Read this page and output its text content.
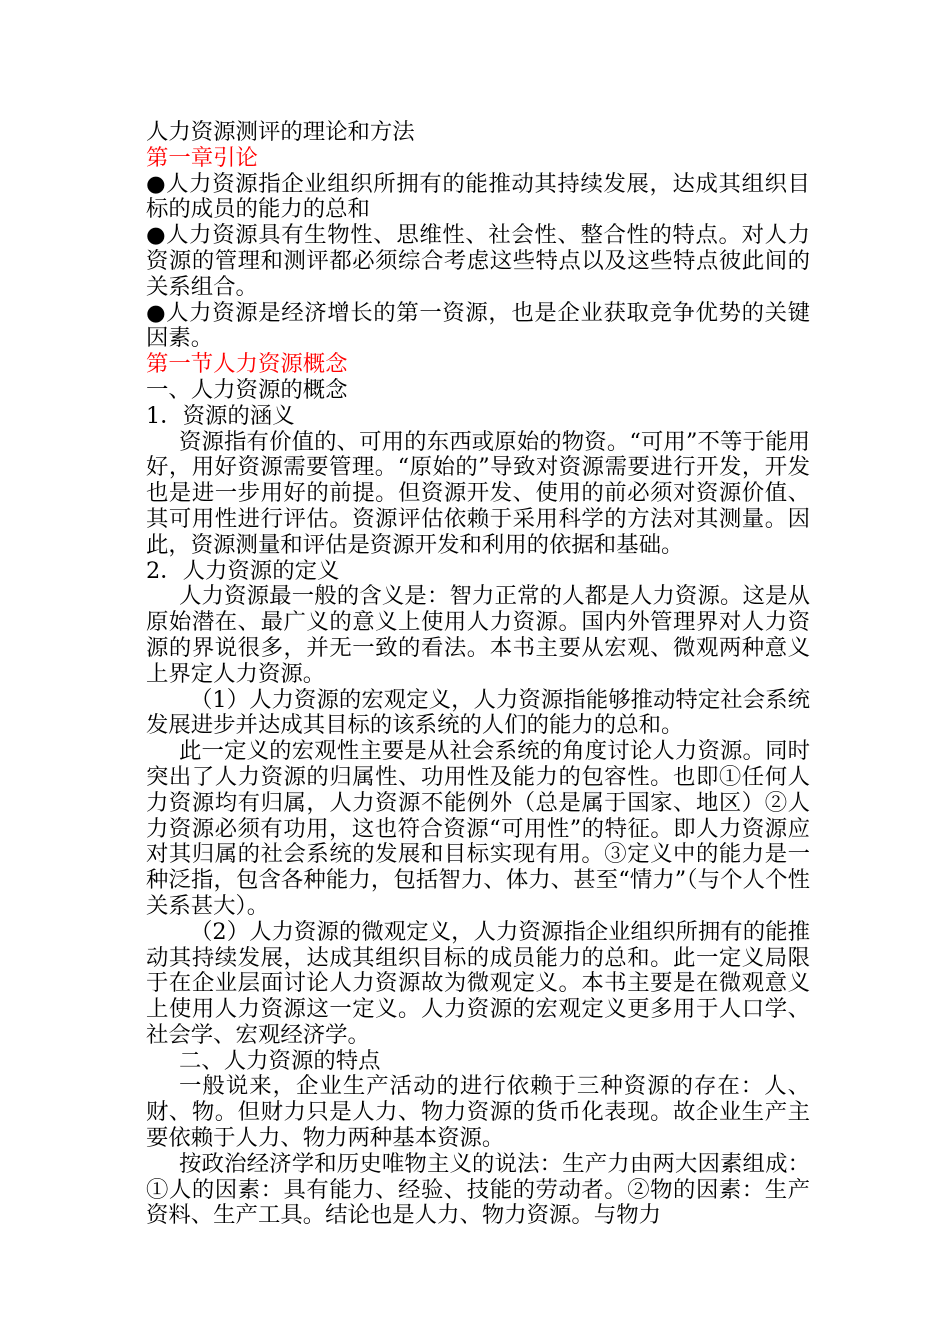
人力资源测评的理论和方法
第一章引论
●人力资源指企业组织所拥有的能推动其持续发展，达成其组织目标的成员的能力的总和
●人力资源具有生物性、思维性、社会性、整合性的特点。对人力资源的管理和测评都必须综合考虑这些特点以及这些特点彼此间的关系组合。
●人力资源是经济增长的第一资源，也是企业获取竞争优势的关键因素。
第一节人力资源概念
一、人力资源的概念
1．资源的涵义
资源指有价值的、可用的东西或原始的物资。“可用”不等于能用好，用好资源需要管理。“原始的”导致对资源需要进行开发，开发也是进一步用好的前提。但资源开发、使用的前必须对资源价值、其可用性进行评估。资源评估依赖于采用科学的方法对其测量。因此，资源测量和评估是资源开发和利用的依据和基础。
2．人力资源的定义
人力资源最一般的含义是：智力正常的人都是人力资源。这是从原始潜在、最广义的意义上使用人力资源。国内外管理界对人力资源的界说很多，并无一致的看法。本书主要从宏观、微观两种意义上界定人力资源。
（1）人力资源的宏观定义，人力资源指能够推动特定社会系统发展进步并达成其目标的该系统的人们的能力的总和。
此一定义的宏观性主要是从社会系统的角度讨论人力资源。同时突出了人力资源的归属性、功用性及能力的包容性。也即①任何人力资源均有归属，人力资源不能例外（总是属于国家、地区）②人力资源必须有功用，这也符合资源“可用性”的特征。即人力资源应对其归属的社会系统的发展和目标实现有用。③定义中的能力是一种泛指，包含各种能力，包括智力、体力、甚至“情力”（与个人个性关系甚大）。
（2）人力资源的微观定义，人力资源指企业组织所拥有的能推动其持续发展，达成其组织目标的成员能力的总和。此一定义局限于在企业层面讨论人力资源故为微观定义。本书主要是在微观意义上使用人力资源这一定义。人力资源的宏观定义更多用于人口学、社会学、宏观经济学。
二、人力资源的特点
一般说来，企业生产活动的进行依赖于三种资源的存在：人、财、物。但财力只是人力、物力资源的货币化表现。故企业生产主要依赖于人力、物力两种基本资源。
按政治经济学和历史唯物主义的说法：生产力由两大因素组成：①人的因素：具有能力、经验、技能的劳动者。②物的因素：生产资料、生产工具。结论也是人力、物力资源。与物力
